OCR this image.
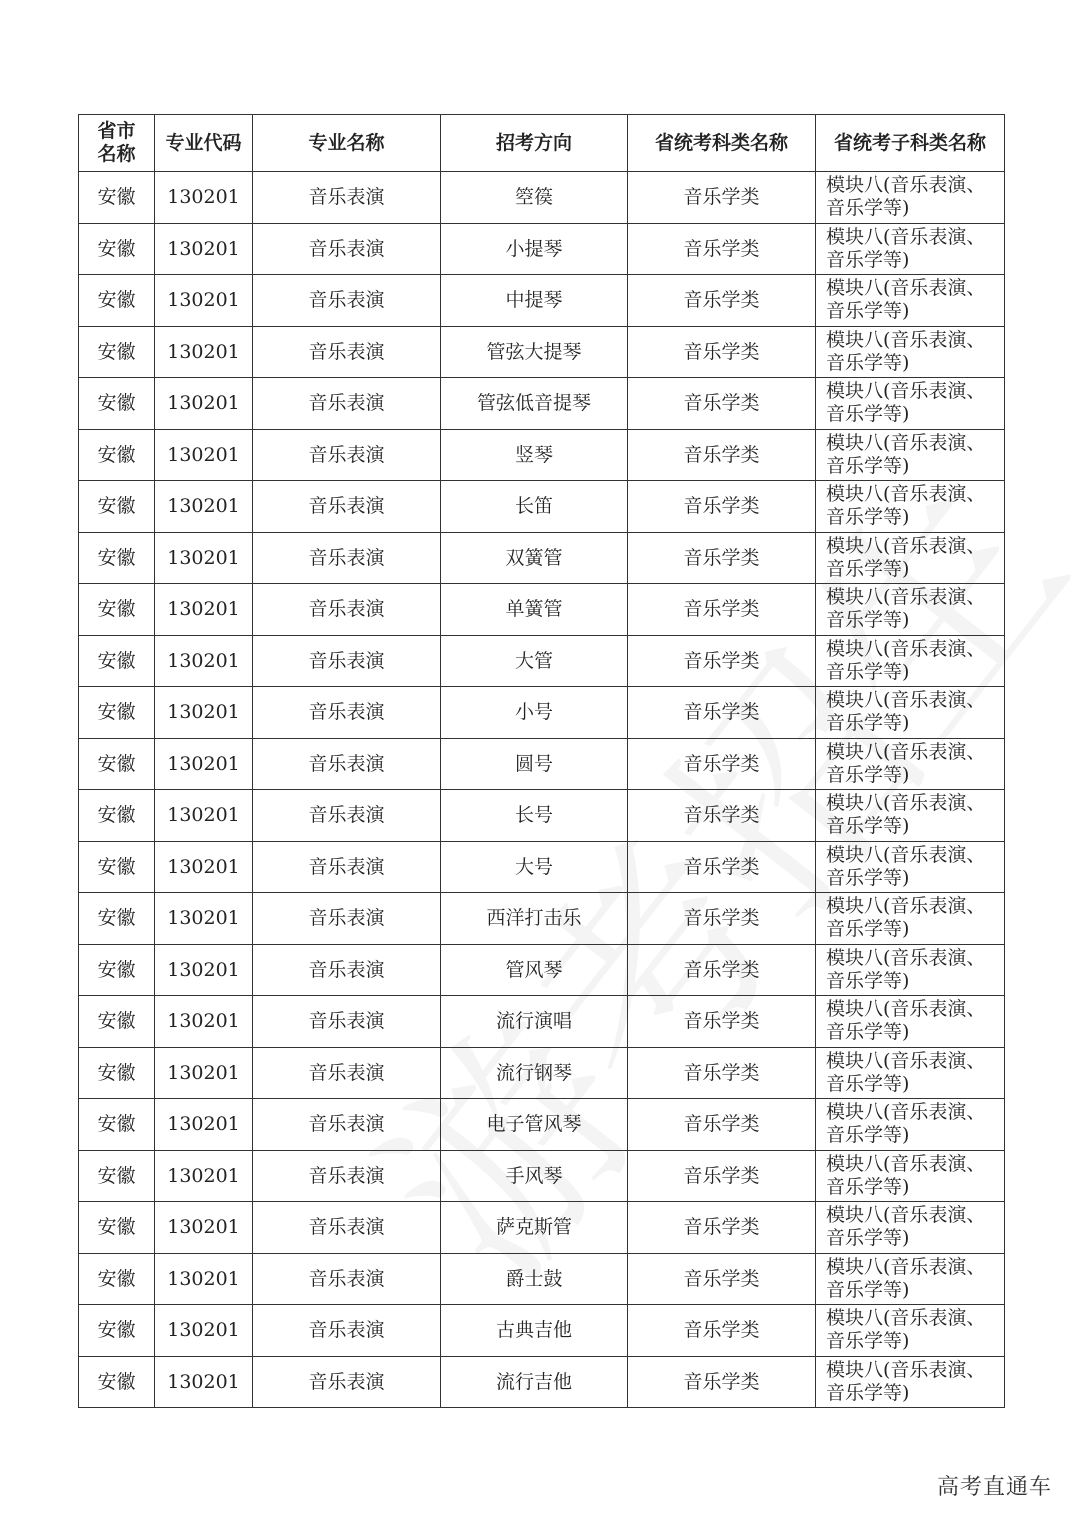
省市名称	专业代码	专业名称	招考方向	省统考科类名称	省统考子科类名称
安徽	130201	音乐表演	箜篌	音乐学类	模块八(音乐表演、音乐学等)
安徽	130201	音乐表演	小提琴	音乐学类	模块八(音乐表演、音乐学等)
安徽	130201	音乐表演	中提琴	音乐学类	模块八(音乐表演、音乐学等)
安徽	130201	音乐表演	管弦大提琴	音乐学类	模块八(音乐表演、音乐学等)
安徽	130201	音乐表演	管弦低音提琴	音乐学类	模块八(音乐表演、音乐学等)
安徽	130201	音乐表演	竖琴	音乐学类	模块八(音乐表演、音乐学等)
安徽	130201	音乐表演	长笛	音乐学类	模块八(音乐表演、音乐学等)
安徽	130201	音乐表演	双簧管	音乐学类	模块八(音乐表演、音乐学等)
安徽	130201	音乐表演	单簧管	音乐学类	模块八(音乐表演、音乐学等)
安徽	130201	音乐表演	大管	音乐学类	模块八(音乐表演、音乐学等)
安徽	130201	音乐表演	小号	音乐学类	模块八(音乐表演、音乐学等)
安徽	130201	音乐表演	圆号	音乐学类	模块八(音乐表演、音乐学等)
安徽	130201	音乐表演	长号	音乐学类	模块八(音乐表演、音乐学等)
安徽	130201	音乐表演	大号	音乐学类	模块八(音乐表演、音乐学等)
安徽	130201	音乐表演	西洋打击乐	音乐学类	模块八(音乐表演、音乐学等)
安徽	130201	音乐表演	管风琴	音乐学类	模块八(音乐表演、音乐学等)
安徽	130201	音乐表演	流行演唱	音乐学类	模块八(音乐表演、音乐学等)
安徽	130201	音乐表演	流行钢琴	音乐学类	模块八(音乐表演、音乐学等)
安徽	130201	音乐表演	电子管风琴	音乐学类	模块八(音乐表演、音乐学等)
安徽	130201	音乐表演	手风琴	音乐学类	模块八(音乐表演、音乐学等)
安徽	130201	音乐表演	萨克斯管	音乐学类	模块八(音乐表演、音乐学等)
安徽	130201	音乐表演	爵士鼓	音乐学类	模块八(音乐表演、音乐学等)
安徽	130201	音乐表演	古典吉他	音乐学类	模块八(音乐表演、音乐学等)
安徽	130201	音乐表演	流行吉他	音乐学类	模块八(音乐表演、音乐学等)
高考直通车
